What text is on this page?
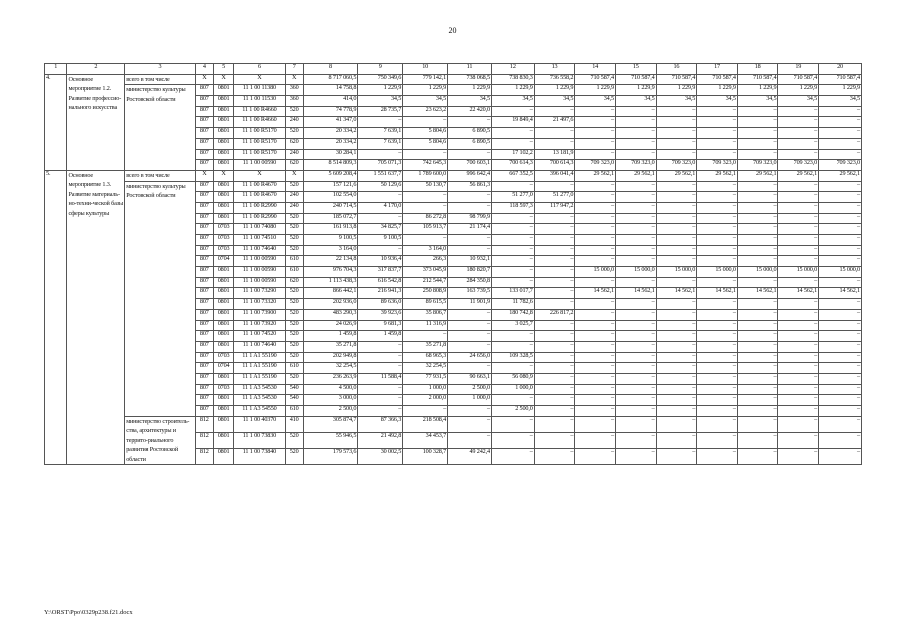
20
1	2	3	4	5	6	7	8	9	10	11	12	13	14	15	16	17	18	19	20
4.	Основное мероприятие 1.2. Развитие профессио-нального искусства	всего в том числе	Х	Х	Х	Х	8 717 060,5	750 349,6	779 142,1	738 068,5	738 830,3	736 558,2	710 587,4	710 587,4	710 587,4	710 587,4	710 587,4	710 587,4	710 587,4
		министерство культуры Ростовской области	807	0801	11 1 00 11380	360	14 758,8	1 229,9	1 229,9	1 229,9	1 229,9	1 229,9	1 229,9	1 229,9	1 229,9	1 229,9	1 229,9	1 229,9	1 229,9
			807	0801	11 1 00 11530	360	414,0	34,5	34,5	34,5	34,5	34,5	34,5	34,5	34,5	34,5	34,5	34,5	34,5
			807	0801	11 1 00 R4660	520	74 778,9	28 735,7	23 623,2	22 420,0	–	–	–	–	–	–	–	–	–
			807	0801	11 1 00 R4660	240	41 347,0	–	–	–	19 849,4	21 497,6	–	–	–	–	–	–	–
			807	0801	11 1 00 R5170	520	20 334,2	7 639,1	5 804,6	6 890,5	–	–	–	–	–	–	–	–	–
			807	0801	11 1 00 R5170	620	20 334,2	7 639,1	5 804,6	6 890,5	–	–	–	–	–	–	–	–	–
			807	0801	11 1 00 R5170	240	30 284,1	–	–	–	17 102,2	13 181,9	–	–	–	–	–	–	–
			807	0801	11 1 00 00590	620	8 514 809,3	705 071,3	742 645,3	700 603,1	700 614,3	700 614,3	709 323,0	709 323,0	709 323,0	709 323,0	709 323,0	709 323,0	709 323,0
5.	Основное мероприятие 1.3. Развитие материаль-но-техни-ческой базы сферы культуры	всего в том числе	Х	Х	Х	Х	5 609 208,4	1 551 637,7	1 789 600,0	996 642,4	667 352,5	396 041,4	29 562,1	29 562,1	29 562,1	29 562,1	29 562,1	29 562,1	29 562,1
		министерство культуры Ростовской области	807	0801	11 1 00 R4670	520	157 121,6	50 129,6	50 130,7	56 861,3	–	–	–	–	–	–	–	–	–
			807	0801	11 1 00 R4670	240	102 554,0	–	–	–	51 277,0	51 277,0	–	–	–	–	–	–	–
			807	0801	11 1 00 R2990	240	240 714,5	4 170,0	–	–	118 597,3	117 947,2	–	–	–	–	–	–	–
			807	0801	11 1 00 R2990	520	185 072,7	–	86 272,8	98 799,9	–	–	–	–	–	–	–	–	–
			807	0703	11 1 00 74080	520	161 913,8	34 825,7	105 913,7	21 174,4	–	–	–	–	–	–	–	–	–
			807	0703	11 1 00 74510	520	9 100,5	9 100,5	–	–	–	–	–	–	–	–	–	–	–
			807	0703	11 1 00 74640	520	3 164,0	–	3 164,0	–	–	–	–	–	–	–	–	–	–
			807	0704	11 1 00 00590	610	22 134,8	10 936,4	266,3	10 932,1	–	–	–	–	–	–	–	–	–
			807	0801	11 1 00 00590	610	976 704,3	317 837,7	373 045,9	180 820,7	–	–	15 000,0	15 000,0	15 000,0	15 000,0	15 000,0	15 000,0	15 000,0
			807	0801	11 1 00 00590	620	1 113 438,3	616 542,8	212 544,7	284 350,8	–	–	–	–	–	–	–	–	–
			807	0801	11 1 00 73290	520	866 442,1	216 941,3	250 808,9	163 739,5	133 017,7	–	14 562,1	14 562,1	14 562,1	14 562,1	14 562,1	14 562,1	14 562,1
			807	0801	11 1 00 73320	520	202 936,0	89 636,0	89 615,5	11 901,9	11 782,6	–	–	–	–	–	–	–	–
			807	0801	11 1 00 73900	520	483 290,3	39 923,6	35 806,7	–	180 742,8	226 817,2	–	–	–	–	–	–	–
			807	0801	11 1 00 73920	520	24 026,9	9 681,3	11 316,9	–	3 025,7	–	–	–	–	–	–	–	–
			807	0801	11 1 00 74520	520	1 459,8	1 459,8	–	–	–	–	–	–	–	–	–	–	–
			807	0801	11 1 00 74640	520	35 271,8	–	35 271,8	–	–	–	–	–	–	–	–	–	–
			807	0703	11 1 A1 55190	520	202 949,8	–	68 965,3	24 656,0	109 328,5	–	–	–	–	–	–	–	–
			807	0704	11 1 A1 55190	610	32 254,5	–	32 254,5	–	–	–	–	–	–	–	–	–	–
			807	0801	11 1 A1 55190	520	236 263,9	11 588,4	77 931,5	90 663,1	56 080,9	–	–	–	–	–	–	–	–
			807	0703	11 1 A3 54530	540	4 500,0	–	1 000,0	2 500,0	1 000,0	–	–	–	–	–	–	–	–
			807	0801	11 1 A3 54530	540	3 000,0	–	2 000,0	1 000,0	–	–	–	–	–	–	–	–	–
			807	0801	11 1 A3 54550	610	2 500,0	–	–	–	2 500,0	–	–	–	–	–	–	–	–
		министерство строитель-ства, архитектуры и террито-риального развития Ростовской области	812	0801	11 1 00 40370	410	305 874,7	87 366,3	218 508,4	–	–	–	–	–	–	–	–	–	–
			812	0801	11 1 00 73830	520	55 946,5	21 492,8	34 453,7	–	–	–	–	–	–	–	–	–	–
			812	0801	11 1 00 73840	520	179 573,6	30 002,5	100 328,7	49 242,4	–	–	–	–	–	–	–	–	–
Y:\ORST\Ppo\0329p238.f21.docx
